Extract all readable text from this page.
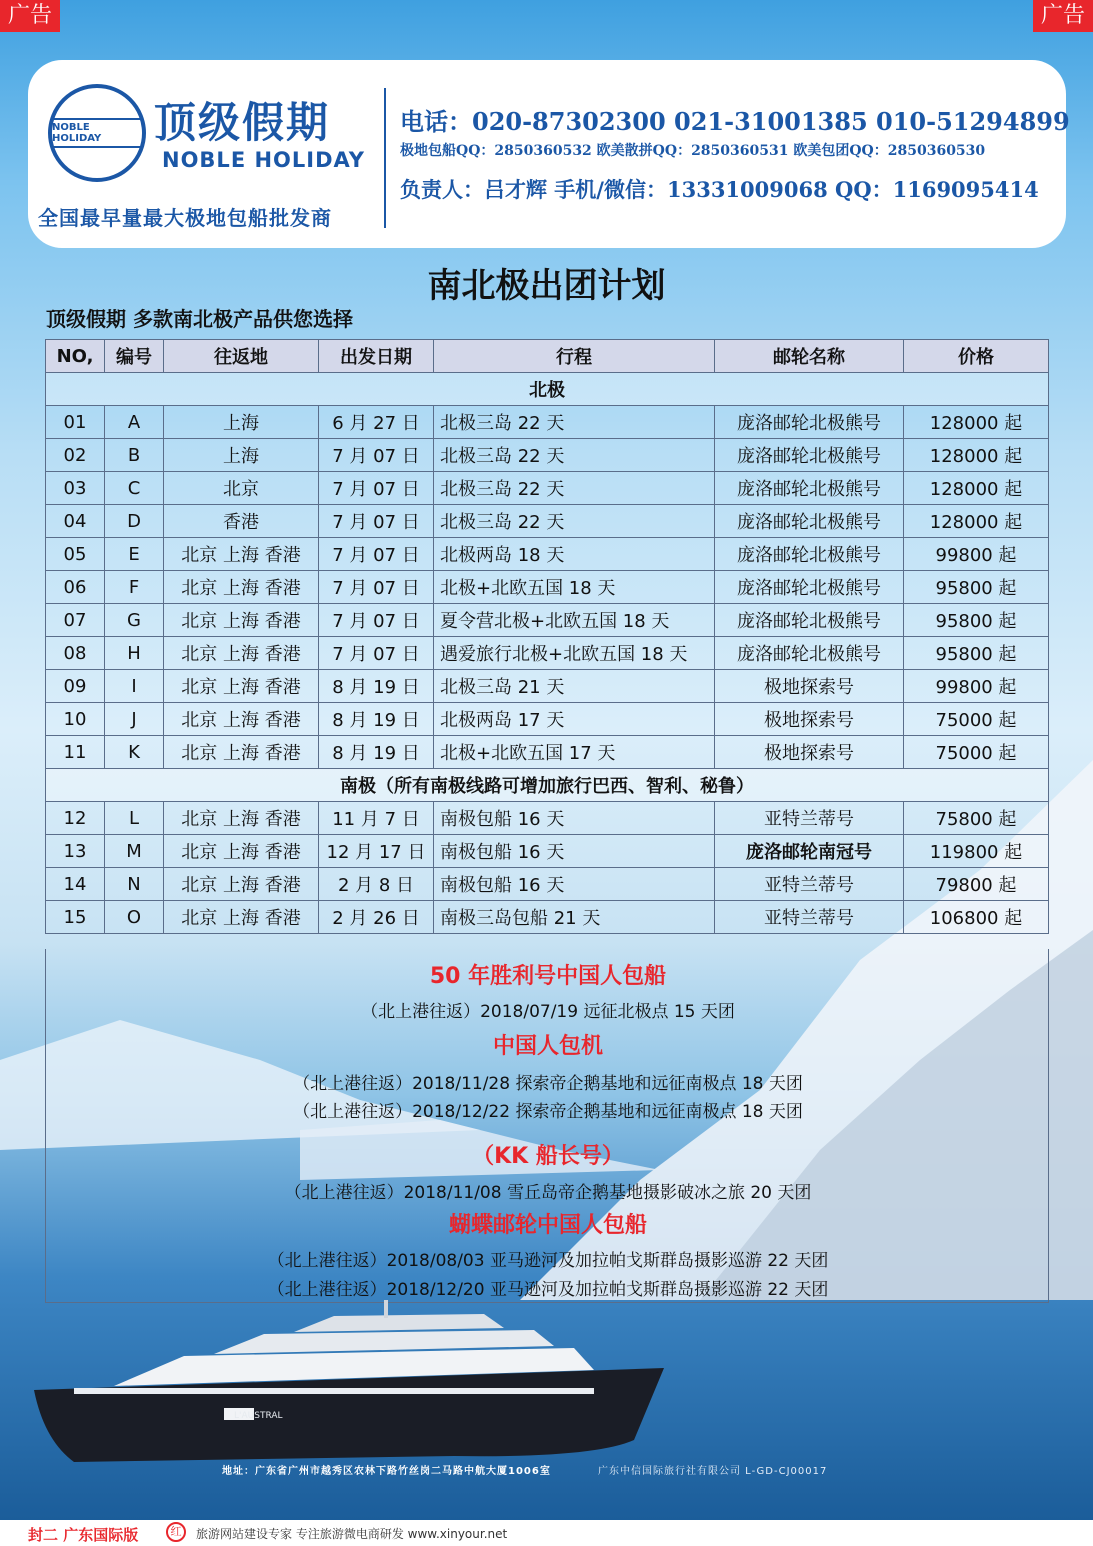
广告	广告
NOBLE HOLIDAY	顶级假期
NOBLE HOLIDAY
全国最早量最大极地包船批发商
电话：020-87302300 021-31001385 010-51294899
极地包船QQ：2850360532 欧美散拼QQ：2850360531 欧美包团QQ：2850360530
负责人：吕才辉 手机/微信：13331009068 QQ：1169095414
南北极出团计划
顶级假期 多款南北极产品供您选择
NO,	编号	往返地	出发日期	行程	邮轮名称	价格
北极						
01	A	上海	6 月 27 日	北极三岛 22 天	庞洛邮轮北极熊号	128000 起
02	B	上海	7 月 07 日	北极三岛 22 天	庞洛邮轮北极熊号	128000 起
03	C	北京	7 月 07 日	北极三岛 22 天	庞洛邮轮北极熊号	128000 起
04	D	香港	7 月 07 日	北极三岛 22 天	庞洛邮轮北极熊号	128000 起
05	E	北京 上海 香港	7 月 07 日	北极两岛 18 天	庞洛邮轮北极熊号	99800 起
06	F	北京 上海 香港	7 月 07 日	北极+北欧五国 18 天	庞洛邮轮北极熊号	95800 起
07	G	北京 上海 香港	7 月 07 日	夏令营北极+北欧五国 18 天	庞洛邮轮北极熊号	95800 起
08	H	北京 上海 香港	7 月 07 日	遇爱旅行北极+北欧五国 18 天	庞洛邮轮北极熊号	95800 起
09	I	北京 上海 香港	8 月 19 日	北极三岛 21 天	极地探索号	99800 起
10	J	北京 上海 香港	8 月 19 日	北极两岛 17 天	极地探索号	75000 起
11	K	北京 上海 香港	8 月 19 日	北极+北欧五国 17 天	极地探索号	75000 起
南极（所有南极线路可增加旅行巴西、智利、秘鲁）						
12	L	北京 上海 香港	11 月 7 日	南极包船 16 天	亚特兰蒂号	75800 起
13	M	北京 上海 香港	12 月 17 日	南极包船 16 天	庞洛邮轮南冠号	119800 起
14	N	北京 上海 香港	2 月 8 日	南极包船 16 天	亚特兰蒂号	79800 起
15	O	北京 上海 香港	2 月 26 日	南极三岛包船 21 天	亚特兰蒂号	106800 起
50 年胜利号中国人包船
（北上港往返）2018/07/19 远征北极点 15 天团
中国人包机
（北上港往返）2018/11/28 探索帝企鹅基地和远征南极点 18 天团
（北上港往返）2018/12/22 探索帝企鹅基地和远征南极点 18 天团
（KK 船长号）
（北上港往返）2018/11/08 雪丘岛帝企鹅基地摄影破冰之旅 20 天团
蝴蝶邮轮中国人包船
（北上港往返）2018/08/03 亚马逊河及加拉帕戈斯群岛摄影巡游 22 天团
（北上港往返）2018/12/20 亚马逊河及加拉帕戈斯群岛摄影巡游 22 天团
L'AUSTRAL
地址：广东省广州市越秀区农林下路竹丝岗二马路中航大厦1006室	广东中信国际旅行社有限公司 L-GD-CJ00017
封二 广东国际版	红	旅游网站建设专家 专注旅游微电商研发 www.xinyour.net
